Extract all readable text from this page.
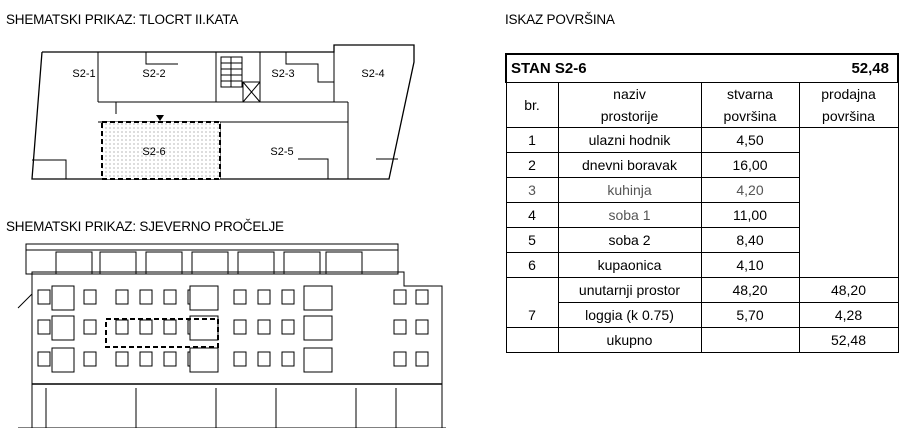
SHEMATSKI PRIKAZ: TLOCRT II.KATA
SHEMATSKI PRIKAZ: SJEVERNO PROČELJE
ISKAZ POVRŠINA
S2-1	S2-2	S2-3	S2-4
S2-6	S2-5
STAN S2-6			52,48
br.	naziv	stvarna	prodajna
	prostorije	površina	površina
1	ulazni hodnik	4,50	
2	dnevni boravak	16,00	
3	kuhinja	4,20	
4	soba 1	11,00	
5	soba 2	8,40	
6	kupaonica	4,10	
7	unutarnji prostor	48,20	48,20
	loggia (k 0.75)	5,70	4,28
	ukupno		52,48
